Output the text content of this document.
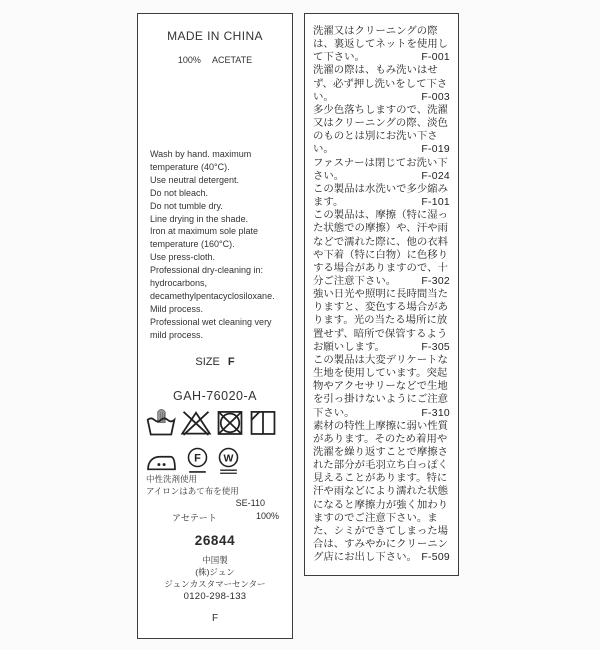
MADE IN CHINA
100% ACETATE
Wash by hand. maximum
temperature (40°C).
Use neutral detergent.
Do not bleach.
Do not tumble dry.
Line drying in the shade.
Iron at maximum sole plate
temperature (160°C).
Use press-cloth.
Professional dry-cleaning in:
hydrocarbons,
decamethylpentacyclosiloxane.
Mild process.
Professional wet cleaning very
mild process.
SIZE F
GAH-76020-A
F W
中性洗剤使用
アイロンはあて布を使用
SE-110
アセテート	100%
26844
中国製
(株)ジュン
ジュンカスタマーセンター
0120-298-133
F
洗濯又はクリーニングの際は、裏返してネットを使用して下さい。	F-001
洗濯の際は、もみ洗いはせず、必ず押し洗いをして下さい。	F-003
多少色落ちしますので、洗濯又はクリーニングの際、淡色のものとは別にお洗い下さい。	F-019
ファスナーは閉じてお洗い下さい。	F-024
この製品は水洗いで多少縮みます。	F-101
この製品は、摩擦（特に湿った状態での摩擦）や、汗や雨などで濡れた際に、他の衣料や下着（特に白物）に色移りする場合がありますので、十分ご注意下さい。 F-302
強い日光や照明に長時間当たりますと、変色する場合があります。光の当たる場所に放置せず、暗所で保管するようお願いします。	F-305
この製品は大変デリケートな生地を使用しています。突起物やアクセサリーなどで生地を引っ掛けないようにご注意下さい。	F-310
素材の特性上摩擦に弱い性質があります。そのため着用や洗濯を繰り返すことで摩擦された部分が毛羽立ち白っぽく見えることがあります。特に汗や雨などにより濡れた状態になると摩擦力が強く加わりますのでご注意下さい。また、シミができてしまった場合は、すみやかにクリーニング店にお出し下さい。 F-509
